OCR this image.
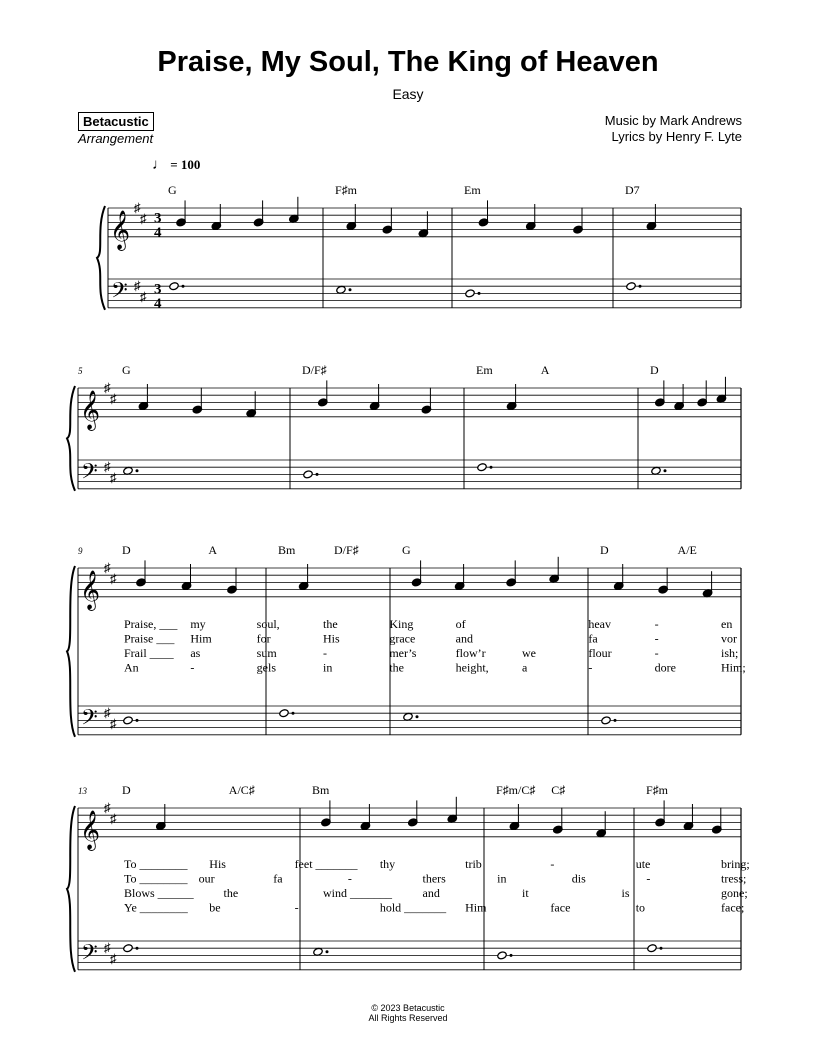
Praise, My Soul, The King of Heaven
Easy
Betacustic
Arrangement
Music by Mark Andrews
Lyrics by Henry F. Lyte
♩ = 100
𝄞
𝄢
♯
♯
♯
♯
3
4
3
4
G	F♯m	Em	D7
𝄞
𝄢
♯
♯
♯
♯
5	G	D/F♯	Em	A	D
𝄞
𝄢
♯
♯
♯
♯
9	D	A	Bm	D/F♯	G	D	A/E
Praise, ___ my	soul,	the	King	of	heav	-	en
Praise ___ Him	for	His	grace	and	fa	-	vor
Frail ____ as	sum	-	mer’s	flow’r	we	flour	-	ish;
An	-	gels	in	the	height,	a	-	dore	Him;
𝄞
𝄢
♯
♯
♯
♯
13	D	A/C♯	Bm	F♯m/C♯ C♯	F♯m
To ________ His	feet _______ thy	trib	-	ute	bring;
To ________ our	fa	-	thers	in	dis	-	tress;
Blows ______ the	wind _______	and	it	is	gone;
Ye ________ be	-	hold _______ Him	face	to	face;
© 2023 Betacustic
All Rights Reserved
